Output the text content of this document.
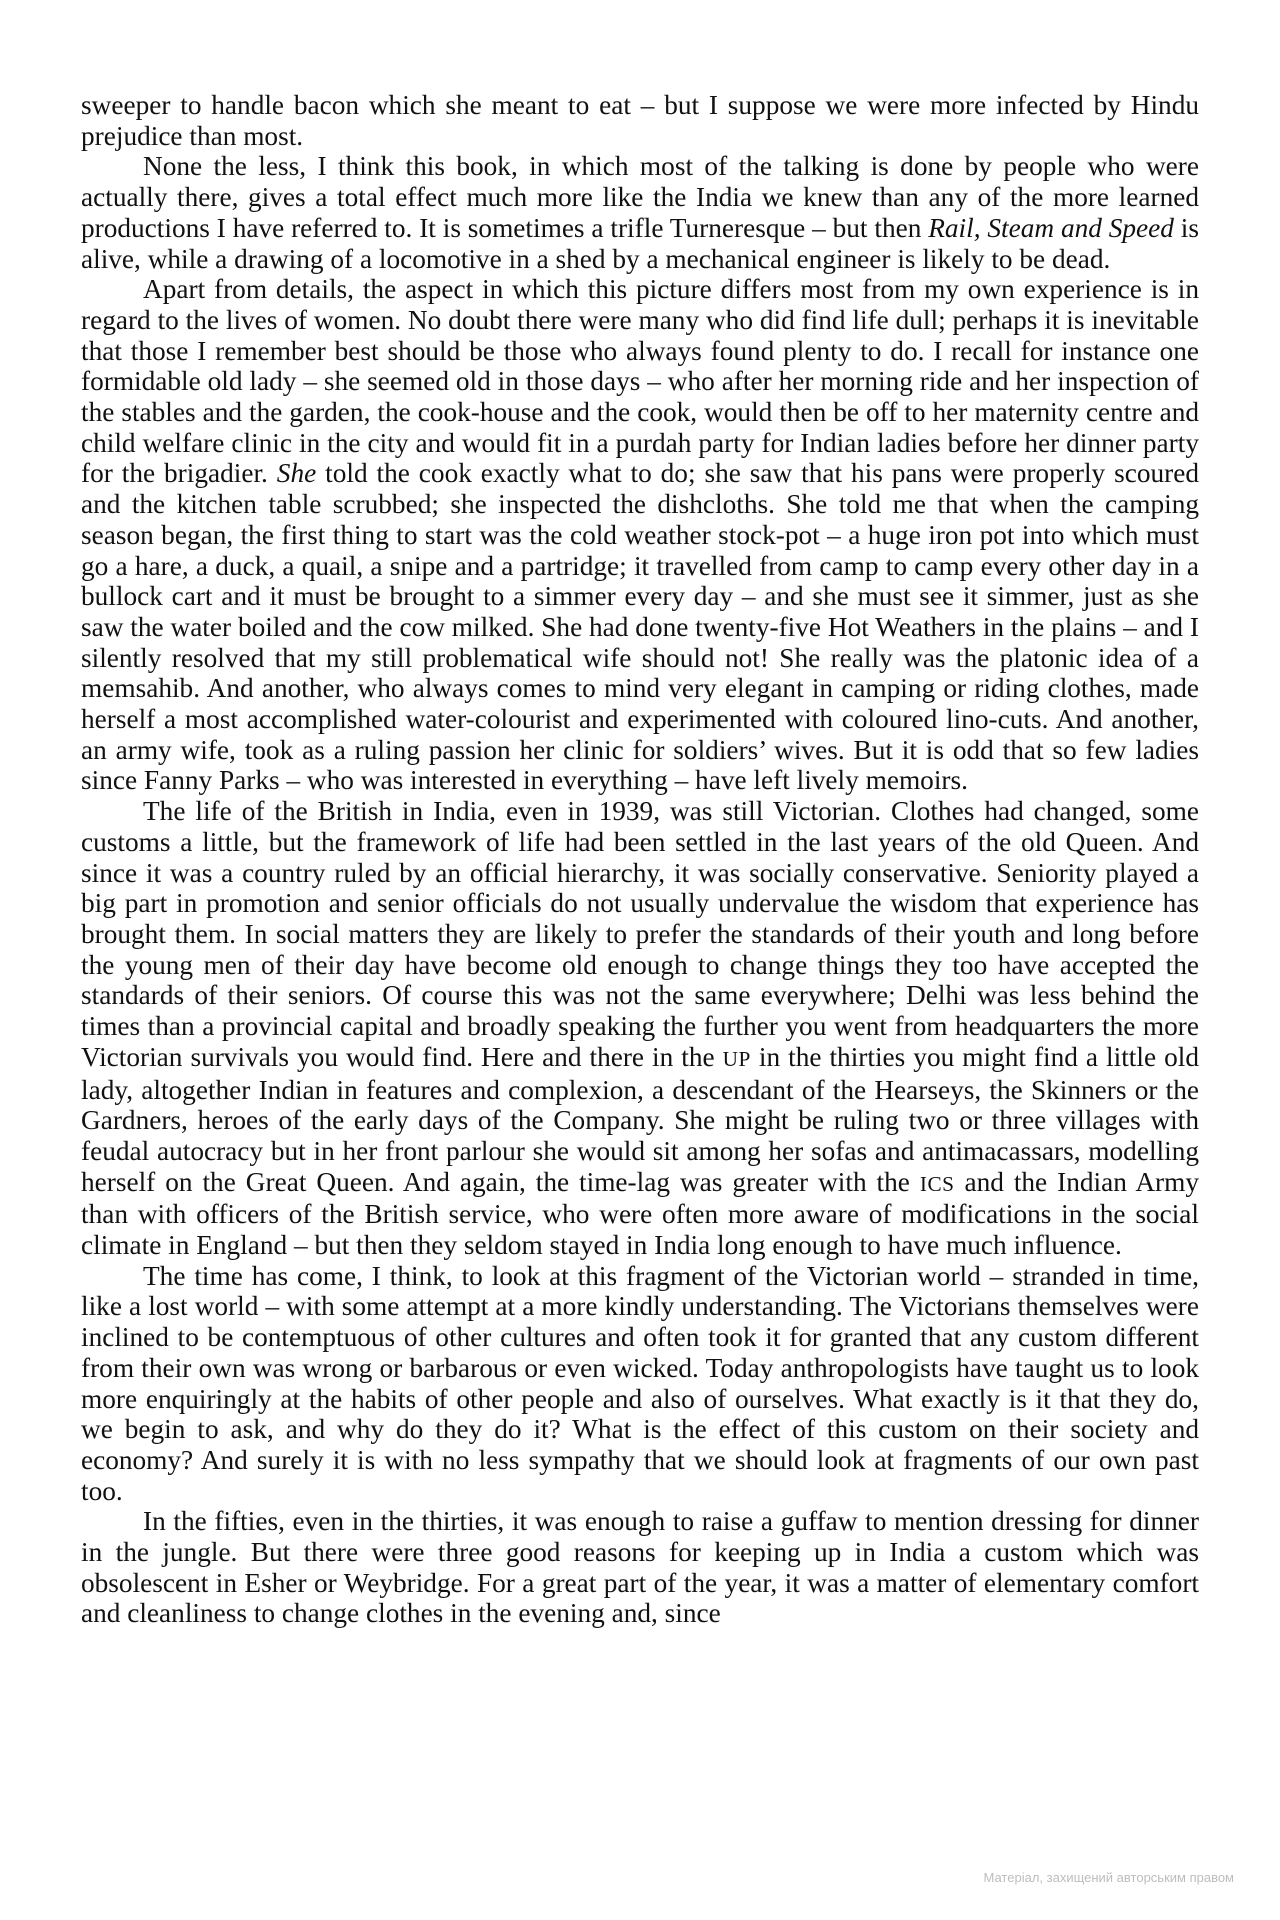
sweeper to handle bacon which she meant to eat – but I suppose we were more infected by Hindu prejudice than most.

None the less, I think this book, in which most of the talking is done by people who were actually there, gives a total effect much more like the India we knew than any of the more learned productions I have referred to. It is sometimes a trifle Turneresque – but then Rail, Steam and Speed is alive, while a drawing of a locomotive in a shed by a mechanical engineer is likely to be dead.

Apart from details, the aspect in which this picture differs most from my own experience is in regard to the lives of women. No doubt there were many who did find life dull; perhaps it is inevitable that those I remember best should be those who always found plenty to do. I recall for instance one formidable old lady – she seemed old in those days – who after her morning ride and her inspection of the stables and the garden, the cook-house and the cook, would then be off to her maternity centre and child welfare clinic in the city and would fit in a purdah party for Indian ladies before her dinner party for the brigadier. She told the cook exactly what to do; she saw that his pans were properly scoured and the kitchen table scrubbed; she inspected the dishcloths. She told me that when the camping season began, the first thing to start was the cold weather stock-pot – a huge iron pot into which must go a hare, a duck, a quail, a snipe and a partridge; it travelled from camp to camp every other day in a bullock cart and it must be brought to a simmer every day – and she must see it simmer, just as she saw the water boiled and the cow milked. She had done twenty-five Hot Weathers in the plains – and I silently resolved that my still problematical wife should not! She really was the platonic idea of a memsahib. And another, who always comes to mind very elegant in camping or riding clothes, made herself a most accomplished water-colourist and experimented with coloured lino-cuts. And another, an army wife, took as a ruling passion her clinic for soldiers’ wives. But it is odd that so few ladies since Fanny Parks – who was interested in everything – have left lively memoirs.

The life of the British in India, even in 1939, was still Victorian. Clothes had changed, some customs a little, but the framework of life had been settled in the last years of the old Queen. And since it was a country ruled by an official hierarchy, it was socially conservative. Seniority played a big part in promotion and senior officials do not usually undervalue the wisdom that experience has brought them. In social matters they are likely to prefer the standards of their youth and long before the young men of their day have become old enough to change things they too have accepted the standards of their seniors. Of course this was not the same everywhere; Delhi was less behind the times than a provincial capital and broadly speaking the further you went from headquarters the more Victorian survivals you would find. Here and there in the UP in the thirties you might find a little old lady, altogether Indian in features and complexion, a descendant of the Hearseys, the Skinners or the Gardners, heroes of the early days of the Company. She might be ruling two or three villages with feudal autocracy but in her front parlour she would sit among her sofas and antimacassars, modelling herself on the Great Queen. And again, the time-lag was greater with the ICS and the Indian Army than with officers of the British service, who were often more aware of modifications in the social climate in England – but then they seldom stayed in India long enough to have much influence.

The time has come, I think, to look at this fragment of the Victorian world – stranded in time, like a lost world – with some attempt at a more kindly understanding. The Victorians themselves were inclined to be contemptuous of other cultures and often took it for granted that any custom different from their own was wrong or barbarous or even wicked. Today anthropologists have taught us to look more enquiringly at the habits of other people and also of ourselves. What exactly is it that they do, we begin to ask, and why do they do it? What is the effect of this custom on their society and economy? And surely it is with no less sympathy that we should look at fragments of our own past too.

In the fifties, even in the thirties, it was enough to raise a guffaw to mention dressing for dinner in the jungle. But there were three good reasons for keeping up in India a custom which was obsolescent in Esher or Weybridge. For a great part of the year, it was a matter of elementary comfort and cleanliness to change clothes in the evening and, since

Матеріал, захищений авторським правом
